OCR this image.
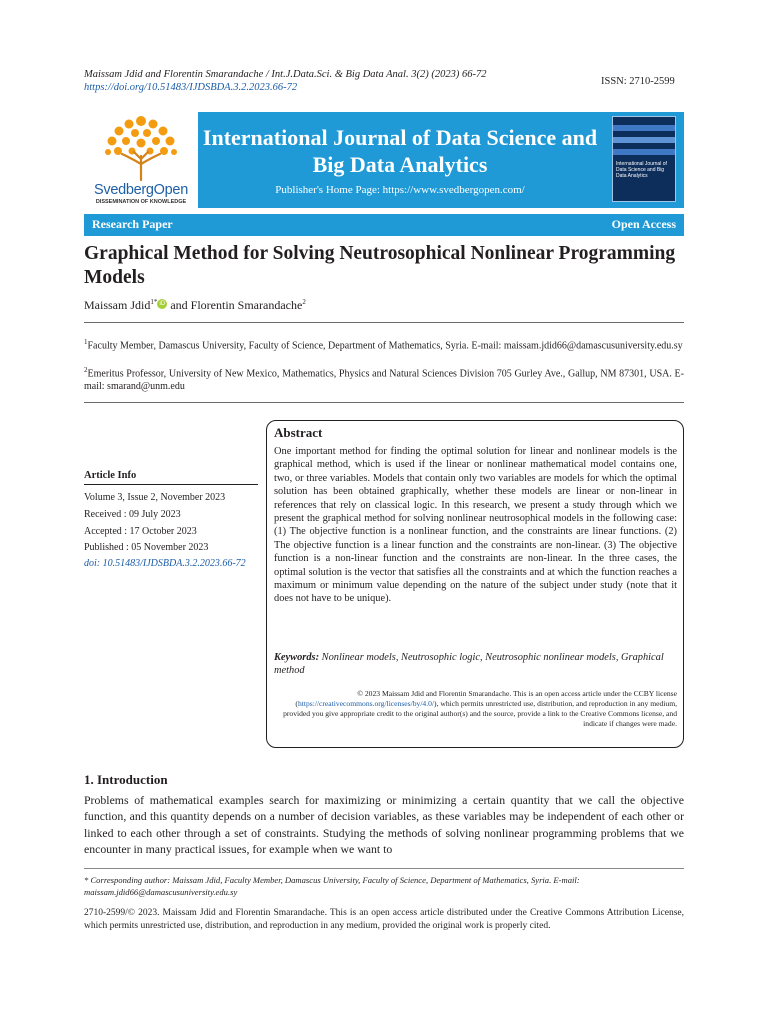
Maissam Jdid and Florentin Smarandache / Int.J.Data.Sci. & Big Data Anal. 3(2) (2023) 66-72
https://doi.org/10.51483/IJDSBDA.3.2.2023.66-72
ISSN: 2710-2599
SvedbergOpen
DISSEMINATION OF KNOWLEDGE
International Journal of Data Science and Big Data Analytics
Publisher's Home Page: https://www.svedbergopen.com/
International Journal of Data Science and Big Data Analytics
Research Paper	Open Access
Graphical Method for Solving Neutrosophical Nonlinear Programming Models
Maissam Jdid$^{1*}$ iD and Florentin Smarandache$^2$
$^1$Faculty Member, Damascus University, Faculty of Science, Department of Mathematics, Syria. E-mail: maissam.jdid66@damascusuniversity.edu.sy
$^2$Emeritus Professor, University of New Mexico, Mathematics, Physics and Natural Sciences Division 705 Gurley Ave., Gallup, NM 87301, USA. E-mail: smarand@unm.edu
Article Info
Volume 3, Issue 2, November 2023
Received : 09 July 2023
Accepted : 17 October 2023
Published : 05 November 2023
doi: 10.51483/IJDSBDA.3.2.2023.66-72
Abstract
One important method for finding the optimal solution for linear and nonlinear models is the graphical method, which is used if the linear or nonlinear mathematical model contains one, two, or three variables. Models that contain only two variables are models for which the optimal solution has been obtained graphically, whether these models are linear or non-linear in references that rely on classical logic. In this research, we present a study through which we present the graphical method for solving nonlinear neutrosophical models in the following case: (1) The objective function is a nonlinear function, and the constraints are linear functions. (2) The objective function is a linear function and the constraints are non-linear. (3) The objective function is a non-linear function and the constraints are non-linear. In the three cases, the optimal solution is the vector that satisfies all the constraints and at which the function reaches a maximum or minimum value depending on the nature of the subject under study (note that it does not have to be unique).
Keywords: Nonlinear models, Neutrosophic logic, Neutrosophic nonlinear models, Graphical method
© 2023 Maissam Jdid and Florentin Smarandache. This is an open access article under the CCBY license (https://creativecommons.org/licenses/by/4.0/), which permits unrestricted use, distribution, and reproduction in any medium, provided you give appropriate credit to the original author(s) and the source, provide a link to the Creative Commons license, and indicate if changes were made.
1. Introduction
Problems of mathematical examples search for maximizing or minimizing a certain quantity that we call the objective function, and this quantity depends on a number of decision variables, as these variables may be independent of each other or linked to each other through a set of constraints. Studying the methods of solving nonlinear programming problems that we encounter in many practical issues, for example when we want to
* Corresponding author: Maissam Jdid, Faculty Member, Damascus University, Faculty of Science, Department of Mathematics, Syria. E-mail: maissam.jdid66@damascusuniversity.edu.sy
2710-2599/© 2023. Maissam Jdid and Florentin Smarandache. This is an open access article distributed under the Creative Commons Attribution License, which permits unrestricted use, distribution, and reproduction in any medium, provided the original work is properly cited.
